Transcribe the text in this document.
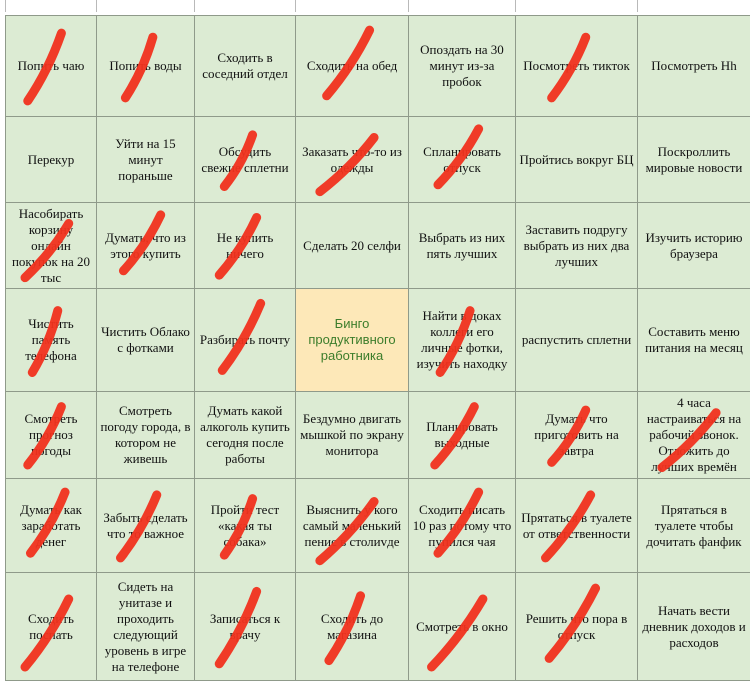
Попить чаю Попить воды
Сходить в соседний отдел
Сходить на обед
Опоздать на 30 минут из-за пробок
Посмотреть тикток Посмотреть Hh
Перекур
Уйти на 15 минут пораньше
Обсудить свежие сплетни
Заказать что-то из одежды
Спланировать отпуск
Пройтись вокруг БЦ
Поскроллить мировые новости
Насобирать корзину онлайн покупок на 20 тыс
Думать, что из этого купить
Не купить ничего
Сделать 20 селфи
Выбрать из них пять лучших
Заставить подругу выбрать из них два лучших
Изучить историю браузера
Чистить память телефона
Чистить Облако с фотками
Разбирать почту
Бинго продуктивного работника
Найти в доках коллеги его личные фотки, изучить находку
распустить сплетни
Составить меню питания на месяц
Смотреть прогноз погоды
Смотреть погоду города, в котором не живешь
Думать какой алкоголь купить сегодня после работы
Бездумно двигать мышкой по экрану монитора
Планировать выходные
Думать что приготовить на завтра
4 часа настраиваться на рабочий звонок. Отложить до лучших времён
Думать как заработать денег
Забыть сделать что то важное
Пройти тест «какая ты собака»
Выяснить у кого самый маленький пенис в столиvде
Сходить писать 10 раз потому что пупился чая
Прятаться в туалете от ответственности
Прятаться в туалете чтобы дочитать фанфик
Сходить поспать
Сидеть на унитазе и проходить следующий уровень в игре на телефоне
Записаться к врачу
Сходить до магазина
Смотреть в окно
Решить что пора в отпуск
Начать вести дневник доходов и расходов
